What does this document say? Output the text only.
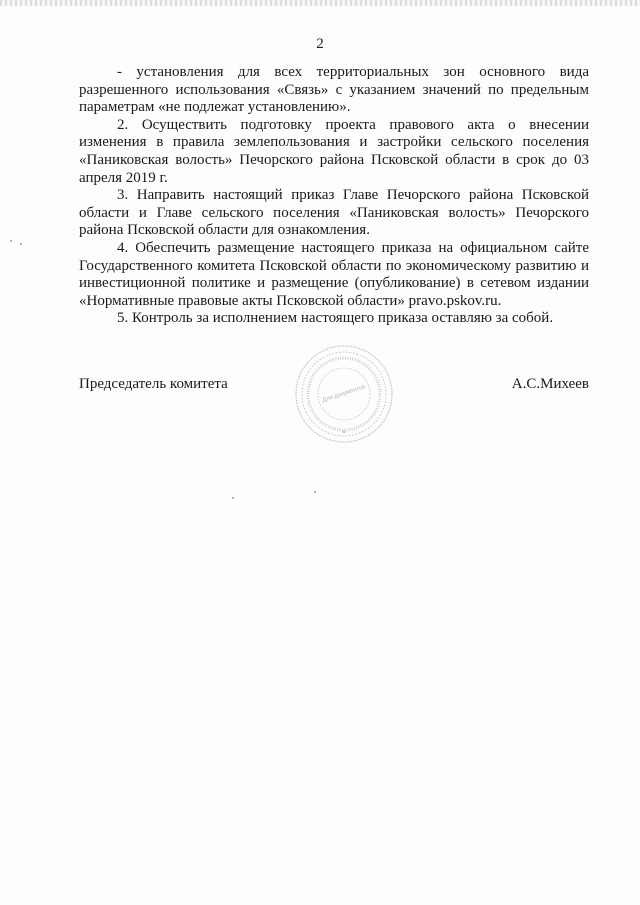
2

- установления для всех территориальных зон основного вида разрешенного использования «Связь» с указанием значений по предельным параметрам «не подлежат установлению».

2. Осуществить подготовку проекта правового акта о внесении изменения в правила землепользования и застройки сельского поселения «Паниковская волость» Печорского района Псковской области в срок до 03 апреля 2019 г.

3. Направить настоящий приказ Главе Печорского района Псковской области и Главе сельского поселения «Паниковская волость» Печорского района Псковской области для ознакомления.

4. Обеспечить размещение настоящего приказа на официальном сайте Государственного комитета Псковской области по экономическому развитию и инвестиционной политике и размещение (опубликование) в сетевом издании «Нормативные правовые акты Псковской области» pravo.pskov.ru.

5. Контроль за исполнением настоящего приказа оставляю за собой.

Председатель комитета	А.С.Михеев
Для документов
